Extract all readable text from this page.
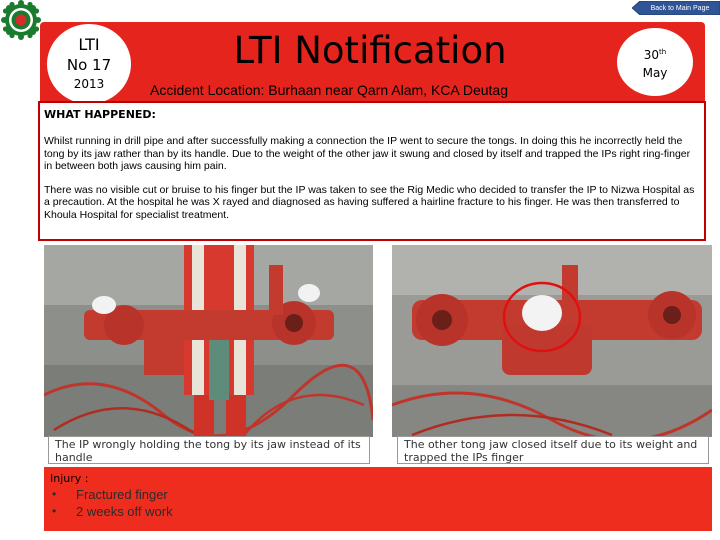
Back to Main Page
LTI
No 17
2013
LTI Notification
Accident Location: Burhaan near Qarn Alam, KCA Deutag
30th
May
WHAT HAPPENED:

Whilst running in drill pipe and after successfully making a connection the IP went to secure the tongs. In doing this he incorrectly held the tong by its jaw rather than by its handle. Due to the weight of the other jaw it swung and closed by itself and trapped the IPs right ring-finger in between both jaws causing him pain.

There was no visible cut or bruise to his finger but the IP was taken to see the Rig Medic who decided to transfer the IP to Nizwa Hospital as a precaution. At the hospital he was X rayed and diagnosed as having suffered a hairline fracture to his finger. He was then transferred to Khoula Hospital for specialist treatment.

The IP wrongly holding the tong by its jaw instead of its handle
The other tong jaw closed itself due to its weight and trapped the IPs finger
Injury :
•	Fractured finger
•	2 weeks off work
